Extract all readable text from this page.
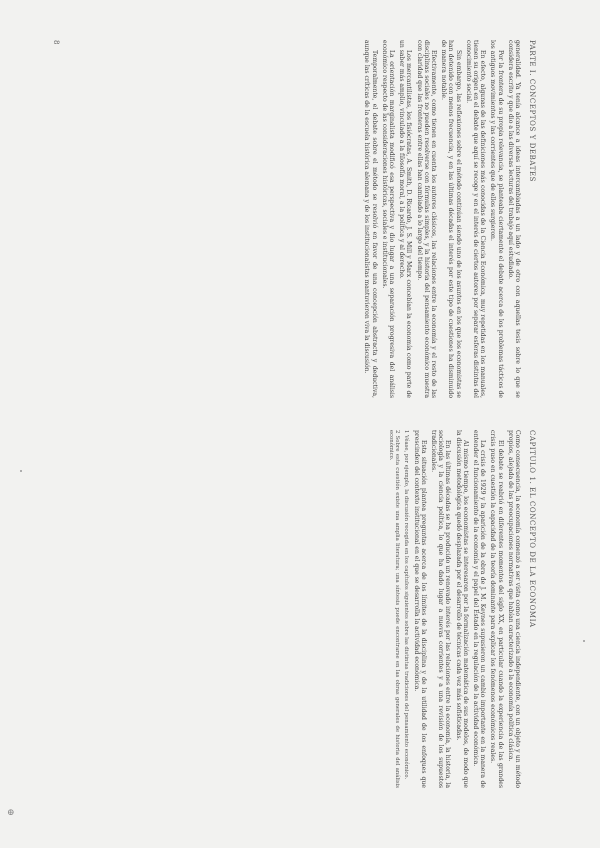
PARTE I. CONCEPTOS Y DEBATES

generalidad. Ya tenía alcance a ideas intercambiadas a un lado y de otro con aquellas tesis sobre lo que se considera escrito y que dio a las diversas lecturas del trabajo aquí estudiado.

Por la frontera de su propia relevancia, se planteaba ciertamente el debate acerca de los problemas tácticos de los antiguos movimientos y las corrientes que de ellos surgieron.

En efecto, algunas de las definiciones más conocidas de la Ciencia Económica, muy repetidas en los manuales, tienen su origen en el debate que aquí se recoge y en el interés de ciertos autores por separar esferas distintas del conocimiento social.

Sin embargo, las reflexiones sobre el método continúan siendo uno de los asuntos en los que los economistas se han detenido con menos frecuencia, y en las últimas décadas el interés por este tipo de cuestiones ha disminuido de manera notable.

Efectivamente, como tienen en cuenta los autores clásicos, las relaciones entre la economía y el resto de las disciplinas sociales no pueden resolverse con fórmulas simples, y la historia del pensamiento económico muestra con claridad que las fronteras entre ellas han cambiado a lo largo del tiempo.

Los mercantilistas, los fisiócratas, A. Smith, D. Ricardo, J. S. Mill y Marx concebían la economía como parte de un saber más amplio, vinculado a la filosofía moral, a la política y al derecho.

La orientación marginalista modificó esa perspectiva y dio lugar a una separación progresiva del análisis económico respecto de las consideraciones históricas, sociales e institucionales.

Temporalmente, el debate sobre el método se resolvió en favor de una concepción abstracta y deductiva, aunque las críticas de la escuela histórica alemana y de los institucionalistas mantuvieron viva la discusión.

CAPÍTULO 1. EL CONCEPTO DE LA ECONOMÍA

Como consecuencia, la economía comenzó a ser vista como una ciencia independiente, con un objeto y un método propios, alejada de las preocupaciones normativas que habían caracterizado a la economía política clásica.

El debate se reabrió en diferentes momentos del siglo XX, en particular cuando la experiencia de las grandes crisis puso en cuestión la capacidad de la teoría dominante para explicar los fenómenos económicos reales.

La crisis de 1929 y la aparición de la obra de J. M. Keynes supusieron un cambio importante en la manera de entender el funcionamiento de la economía y el papel del Estado en la regulación de la actividad económica.

Al mismo tiempo, los economistas se interesaron por la formalización matemática de sus modelos, de modo que la discusión metodológica quedó desplazada por el desarrollo de técnicas cada vez más sofisticadas.

En las últimas décadas se ha producido un renovado interés por las relaciones entre la economía, la historia, la sociología y la ciencia política, lo que ha dado lugar a nuevas corrientes y a una revisión de los supuestos tradicionales.

Esta situación plantea preguntas acerca de los límites de la disciplina y de la utilidad de los enfoques que prescinden del contexto institucional en el que se desarrolla la actividad económica.

1 Véase, por ejemplo, la discusión recogida en los capítulos siguientes sobre las distintas tradiciones del pensamiento económico.

2 Sobre esta cuestión existe una amplia literatura; una síntesis puede encontrarse en las obras generales de historia del análisis económico.

8
⊕
